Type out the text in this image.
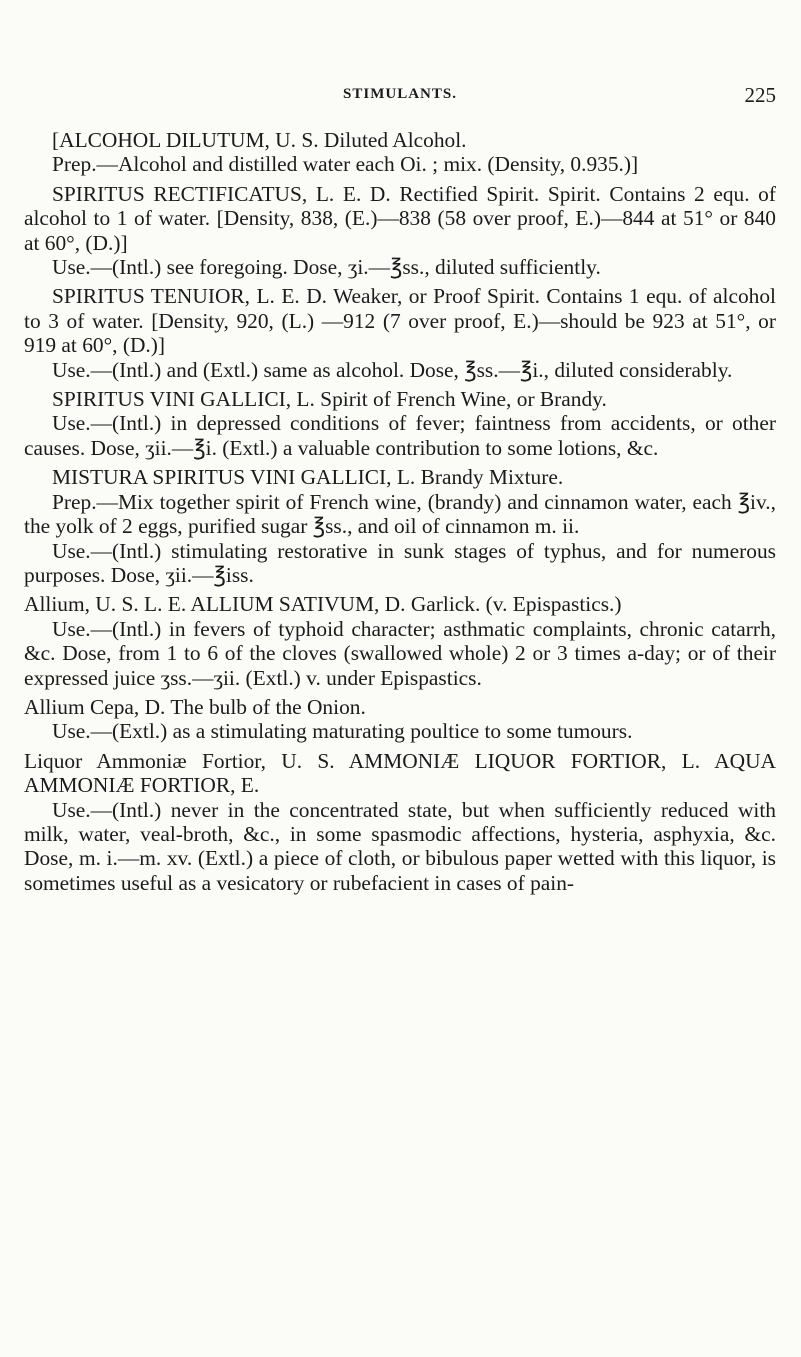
STIMULANTS.	225

[ALCOHOL DILUTUM, U. S. Diluted Alcohol.

Prep.—Alcohol and distilled water each Oi. ; mix. (Density, 0.935.)]

SPIRITUS RECTIFICATUS, L. E. D. Rectified Spirit. Spirit. Contains 2 equ. of alcohol to 1 of water. [Density, 838, (E.)—838 (58 over proof, E.)—844 at 51° or 840 at 60°, (D.)]

Use.—(Intl.) see foregoing. Dose, ʒi.—℥ss., diluted sufficiently.

SPIRITUS TENUIOR, L. E. D. Weaker, or Proof Spirit. Contains 1 equ. of alcohol to 3 of water. [Density, 920, (L.) —912 (7 over proof, E.)—should be 923 at 51°, or 919 at 60°, (D.)]

Use.—(Intl.) and (Extl.) same as alcohol. Dose, ℥ss.—℥i., diluted considerably.

SPIRITUS VINI GALLICI, L. Spirit of French Wine, or Brandy.

Use.—(Intl.) in depressed conditions of fever; faintness from accidents, or other causes. Dose, ʒii.—℥i. (Extl.) a valuable contribution to some lotions, &c.

MISTURA SPIRITUS VINI GALLICI, L. Brandy Mixture.

Prep.—Mix together spirit of French wine, (brandy) and cinnamon water, each ℥iv., the yolk of 2 eggs, purified sugar ℥ss., and oil of cinnamon m. ii.

Use.—(Intl.) stimulating restorative in sunk stages of typhus, and for numerous purposes. Dose, ʒii.—℥iss.

Allium, U. S. L. E. ALLIUM SATIVUM, D. Garlick. (v. Epispastics.)

Use.—(Intl.) in fevers of typhoid character; asthmatic complaints, chronic catarrh, &c. Dose, from 1 to 6 of the cloves (swallowed whole) 2 or 3 times a-day; or of their expressed juice ʒss.—ʒii. (Extl.) v. under Epispastics.

Allium Cepa, D. The bulb of the Onion.

Use.—(Extl.) as a stimulating maturating poultice to some tumours.

Liquor Ammoniæ Fortior, U. S. AMMONIÆ LIQUOR FORTIOR, L. AQUA AMMONIÆ FORTIOR, E.

Use.—(Intl.) never in the concentrated state, but when sufficiently reduced with milk, water, veal-broth, &c., in some spasmodic affections, hysteria, asphyxia, &c. Dose, m. i.—m. xv. (Extl.) a piece of cloth, or bibulous paper wetted with this liquor, is sometimes useful as a vesicatory or rubefacient in cases of pain-
